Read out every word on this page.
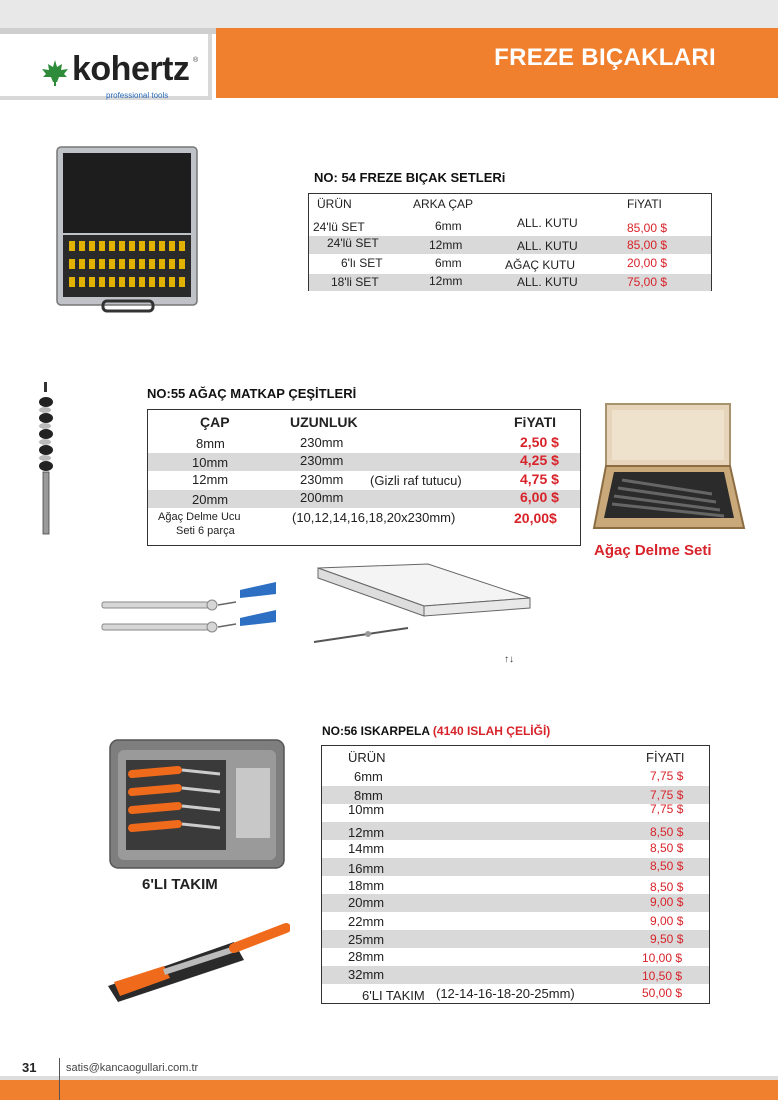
kohertz ®
professional tools
FREZE BIÇAKLARI
NO: 54 FREZE BIÇAK SETLERi
ÜRÜN	ARKA ÇAP	FiYATI
24'lü SET	6mm	ALL. KUTU	85,00 $
24'lü SET	12mm	ALL. KUTU	85,00 $
6'lı SET	6mm	AĞAÇ KUTU	20,00 $
18'li SET	12mm	ALL. KUTU	75,00 $
NO:55 AĞAÇ MATKAP ÇEŞİTLERİ
ÇAP	UZUNLUK	FiYATI
8mm	230mm	2,50 $
10mm	230mm	4,25 $
12mm	230mm (Gizli raf tutucu)	4,75 $
20mm	200mm	6,00 $
Ağaç Delme Ucu
Seti 6 parça
(10,12,14,16,18,20x230mm)	20,00$
Ağaç Delme Seti
↑↓
6'LI TAKIM
NO:56 ISKARPELA (4140 ISLAH ÇELİĞİ)
ÜRÜN	FİYATI
6mm	7,75 $
8mm	7,75 $
10mm	7,75 $
12mm	8,50 $
14mm	8,50 $
16mm	8,50 $
18mm	8,50 $
20mm	9,00 $
22mm	9,00 $
25mm	9,50 $
28mm	10,00 $
32mm	10,50 $
6'LI TAKIM (12-14-16-18-20-25mm)	50,00 $
31	satis@kancaogullari.com.tr
